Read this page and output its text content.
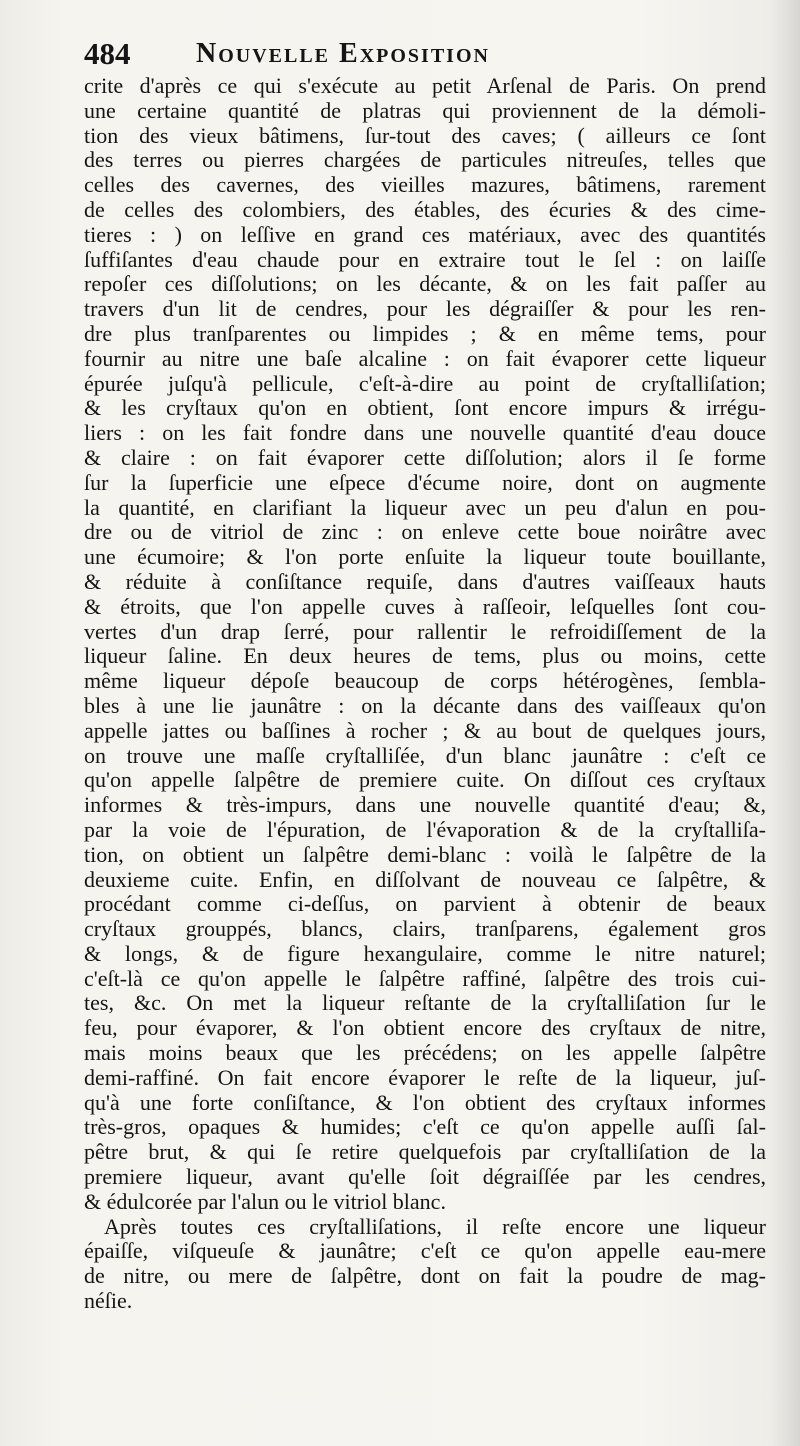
484 Nouvelle Exposition
crite d'après ce qui s'exécute au petit Arſenal de Paris. On prend
une certaine quantité de platras qui proviennent de la démoli-
tion des vieux bâtimens, ſur-tout des caves; ( ailleurs ce ſont
des terres ou pierres chargées de particules nitreuſes, telles que
celles des cavernes, des vieilles mazures, bâtimens, rarement
de celles des colombiers, des étables, des écuries & des cime-
tieres : ) on leſſive en grand ces matériaux, avec des quantités
ſuffiſantes d'eau chaude pour en extraire tout le ſel : on laiſſe
repoſer ces diſſolutions; on les décante, & on les fait paſſer au
travers d'un lit de cendres, pour les dégraiſſer & pour les ren-
dre plus tranſparentes ou limpides ; & en même tems, pour
fournir au nitre une baſe alcaline : on fait évaporer cette liqueur
épurée juſqu'à pellicule, c'eſt-à-dire au point de cryſtalliſation;
& les cryſtaux qu'on en obtient, ſont encore impurs & irrégu-
liers : on les fait fondre dans une nouvelle quantité d'eau douce
& claire : on fait évaporer cette diſſolution; alors il ſe forme
ſur la ſuperficie une eſpece d'écume noire, dont on augmente
la quantité, en clarifiant la liqueur avec un peu d'alun en pou-
dre ou de vitriol de zinc : on enleve cette boue noirâtre avec
une écumoire; & l'on porte enſuite la liqueur toute bouillante,
& réduite à conſiſtance requiſe, dans d'autres vaiſſeaux hauts
& étroits, que l'on appelle cuves à raſſeoir, leſquelles ſont cou-
vertes d'un drap ſerré, pour rallentir le refroidiſſement de la
liqueur ſaline. En deux heures de tems, plus ou moins, cette
même liqueur dépoſe beaucoup de corps hétérogènes, ſembla-
bles à une lie jaunâtre : on la décante dans des vaiſſeaux qu'on
appelle jattes ou baſſines à rocher ; & au bout de quelques jours,
on trouve une maſſe cryſtalliſée, d'un blanc jaunâtre : c'eſt ce
qu'on appelle ſalpêtre de premiere cuite. On diſſout ces cryſtaux
informes & très-impurs, dans une nouvelle quantité d'eau; &,
par la voie de l'épuration, de l'évaporation & de la cryſtalliſa-
tion, on obtient un ſalpêtre demi-blanc : voilà le ſalpêtre de la
deuxieme cuite. Enfin, en diſſolvant de nouveau ce ſalpêtre, &
procédant comme ci-deſſus, on parvient à obtenir de beaux
cryſtaux grouppés, blancs, clairs, tranſparens, également gros
& longs, & de figure hexangulaire, comme le nitre naturel;
c'eſt-là ce qu'on appelle le ſalpêtre raffiné, ſalpêtre des trois cui-
tes, &c. On met la liqueur reſtante de la cryſtalliſation ſur le
feu, pour évaporer, & l'on obtient encore des cryſtaux de nitre,
mais moins beaux que les précédens; on les appelle ſalpêtre
demi-raffiné. On fait encore évaporer le reſte de la liqueur, juſ-
qu'à une forte conſiſtance, & l'on obtient des cryſtaux informes
très-gros, opaques & humides; c'eſt ce qu'on appelle auſſi ſal-
pêtre brut, & qui ſe retire quelquefois par cryſtalliſation de la
premiere liqueur, avant qu'elle ſoit dégraiſſée par les cendres,
& édulcorée par l'alun ou le vitriol blanc.
Après toutes ces cryſtalliſations, il reſte encore une liqueur
épaiſſe, viſqueuſe & jaunâtre; c'eſt ce qu'on appelle eau-mere
de nitre, ou mere de ſalpêtre, dont on fait la poudre de mag-
néſie.
